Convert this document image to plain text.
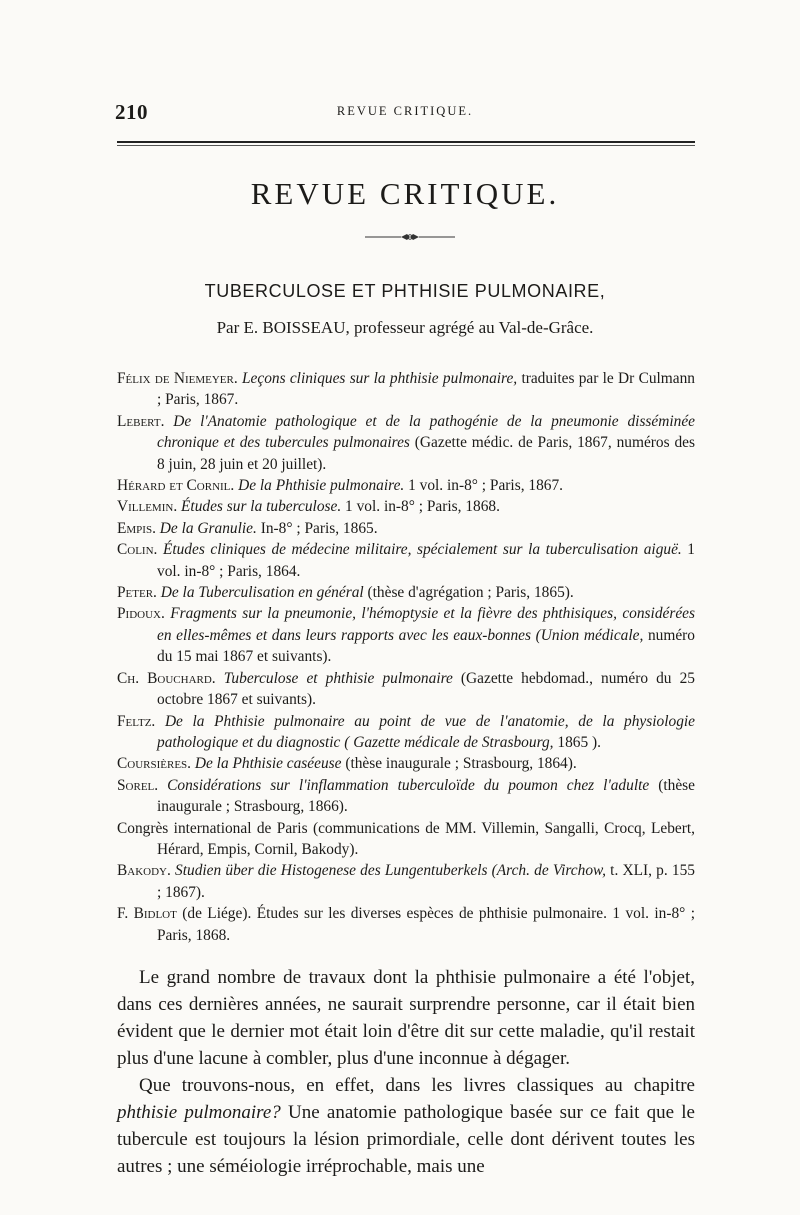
210	REVUE CRITIQUE.
REVUE CRITIQUE.
TUBERCULOSE ET PHTHISIE PULMONAIRE,
Par E. BOISSEAU, professeur agrégé au Val-de-Grâce.

Félix de Niemeyer. Leçons cliniques sur la phthisie pulmonaire, traduites par le Dr Culmann ; Paris, 1867.

Lebert. De l'Anatomie pathologique et de la pathogénie de la pneumonie disséminée chronique et des tubercules pulmonaires (Gazette médic. de Paris, 1867, numéros des 8 juin, 28 juin et 20 juillet).

Hérard et Cornil. De la Phthisie pulmonaire. 1 vol. in-8° ; Paris, 1867.

Villemin. Études sur la tuberculose. 1 vol. in-8° ; Paris, 1868.

Empis. De la Granulie. In-8° ; Paris, 1865.

Colin. Études cliniques de médecine militaire, spécialement sur la tuberculisation aiguë. 1 vol. in-8° ; Paris, 1864.

Peter. De la Tuberculisation en général (thèse d'agrégation ; Paris, 1865).

Pidoux. Fragments sur la pneumonie, l'hémoptysie et la fièvre des phthisiques, considérées en elles-mêmes et dans leurs rapports avec les eaux-bonnes (Union médicale, numéro du 15 mai 1867 et suivants).

Ch. Bouchard. Tuberculose et phthisie pulmonaire (Gazette hebdomad., numéro du 25 octobre 1867 et suivants).

Feltz. De la Phthisie pulmonaire au point de vue de l'anatomie, de la physiologie pathologique et du diagnostic ( Gazette médicale de Strasbourg, 1865 ).

Coursières. De la Phthisie caséeuse (thèse inaugurale ; Strasbourg, 1864).

Sorel. Considérations sur l'inflammation tuberculoïde du poumon chez l'adulte (thèse inaugurale ; Strasbourg, 1866).

Congrès international de Paris (communications de MM. Villemin, Sangalli, Crocq, Lebert, Hérard, Empis, Cornil, Bakody).

Bakody. Studien über die Histogenese des Lungentuberkels (Arch. de Virchow, t. XLI, p. 155 ; 1867).

F. Bidlot (de Liége). Études sur les diverses espèces de phthisie pulmonaire. 1 vol. in-8° ; Paris, 1868.

Le grand nombre de travaux dont la phthisie pulmonaire a été l'objet, dans ces dernières années, ne saurait surprendre personne, car il était bien évident que le dernier mot était loin d'être dit sur cette maladie, qu'il restait plus d'une lacune à combler, plus d'une inconnue à dégager.

Que trouvons-nous, en effet, dans les livres classiques au chapitre phthisie pulmonaire? Une anatomie pathologique basée sur ce fait que le tubercule est toujours la lésion primordiale, celle dont dérivent toutes les autres ; une séméiologie irréprochable, mais une
